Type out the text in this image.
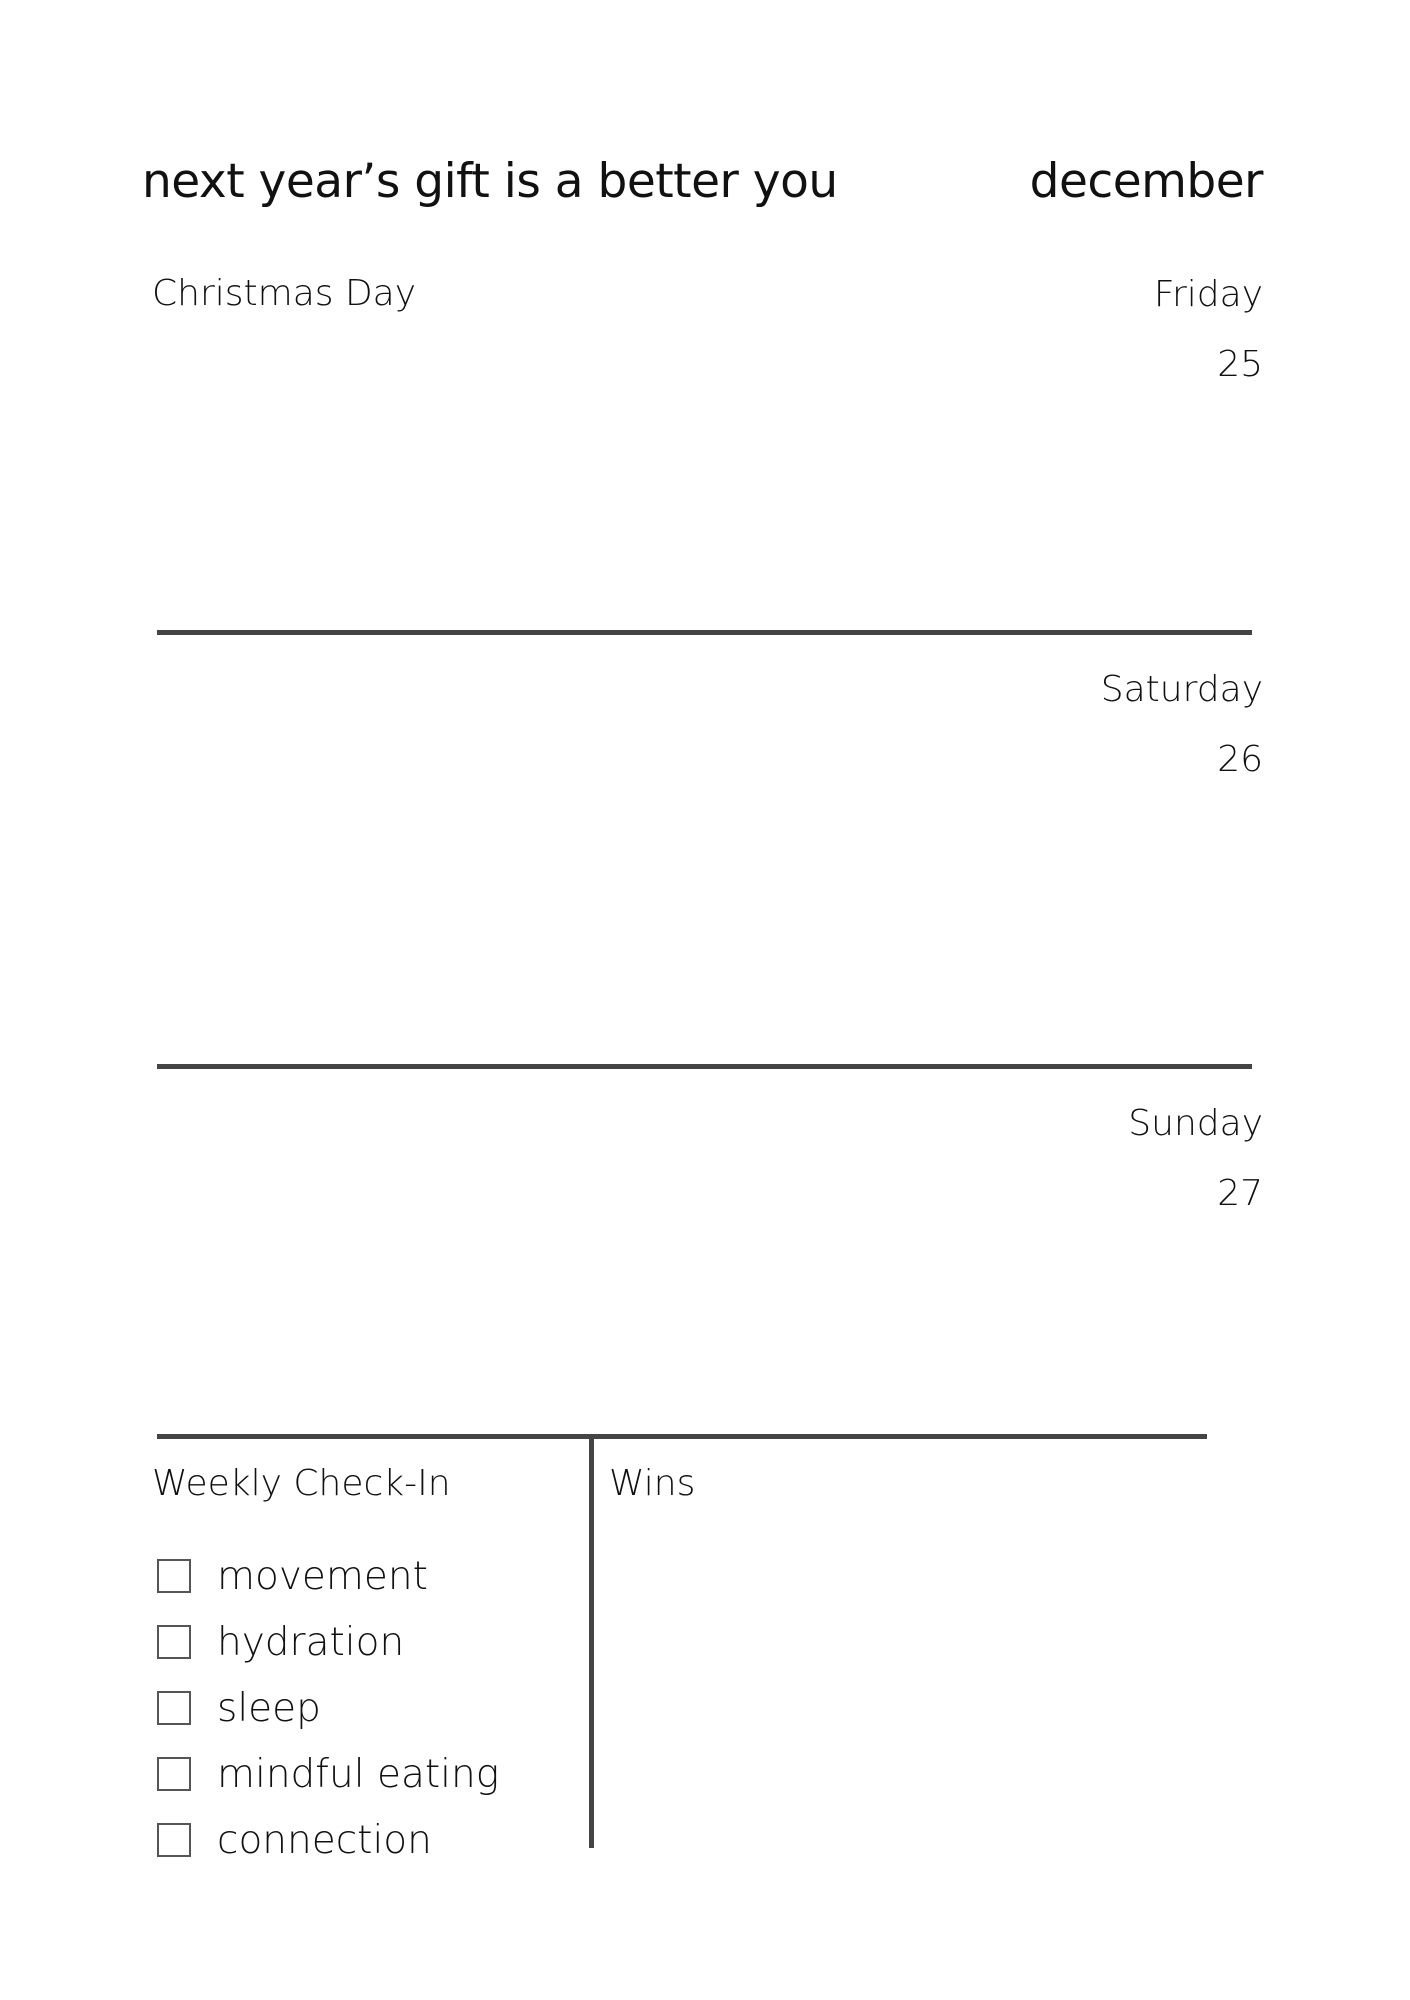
next year’s gift is a better you	december
Christmas Day	Friday
25
Saturday
26
Sunday
27
Weekly Check-In
movement
hydration
sleep
mindful eating
connection
Wins
